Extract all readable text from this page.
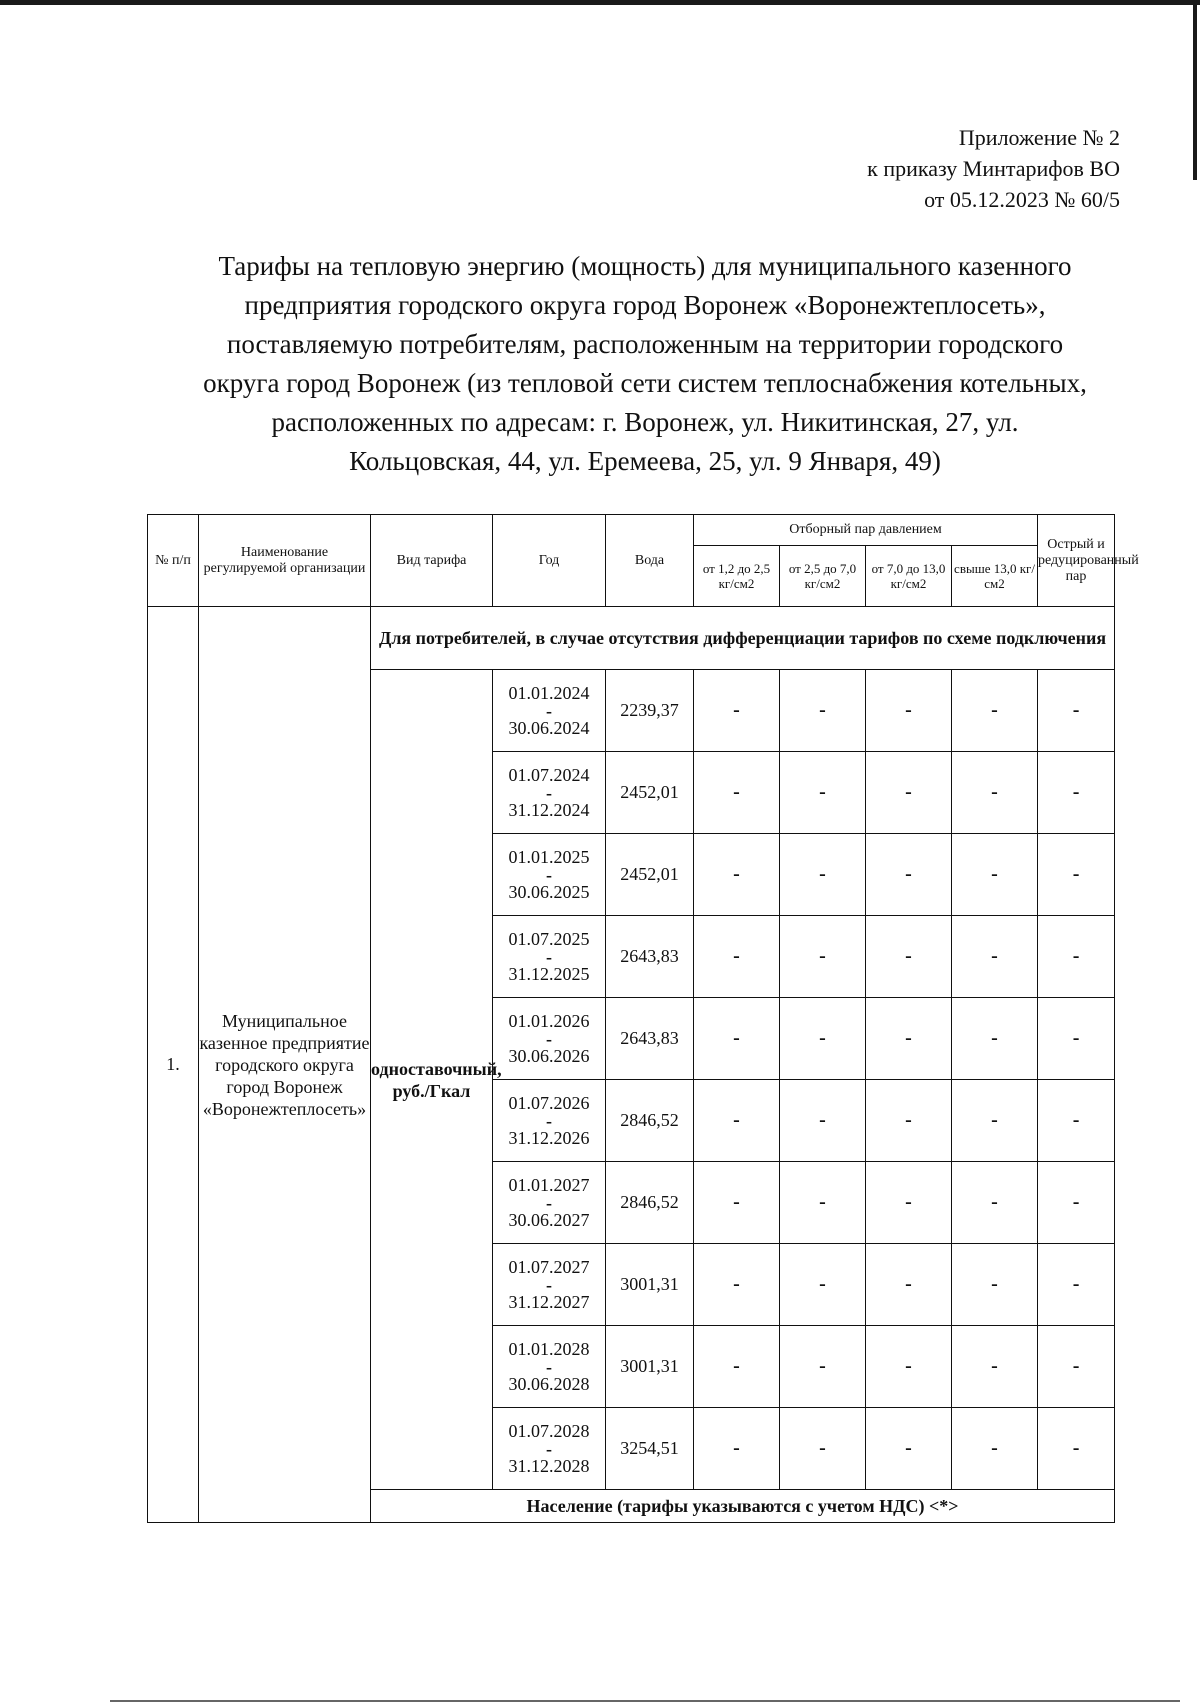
Приложение № 2
к приказу Минтарифов ВО
от 05.12.2023 № 60/5
Тарифы на тепловую энергию (мощность) для муниципального казенного
предприятия городского округа город Воронеж «Воронежтеплосеть»,
поставляемую потребителям, расположенным на территории городского
округа город Воронеж (из тепловой сети систем теплоснабжения котельных,
расположенных по адресам: г. Воронеж, ул. Никитинская, 27, ул.
Кольцовская, 44, ул. Еремеева, 25, ул. 9 Января, 49)
№ п/п	Наименование регулируемой организации	Вид тарифа	Год	Вода	Отборный пар давлением				Острый и редуцированный пар
					от 1,2 до 2,5 кг/см2	от 2,5 до 7,0 кг/см2	от 7,0 до 13,0 кг/см2	свыше 13,0 кг/см2	
1.	Муниципальное казенное предприятие городского округа город Воронеж «Воронежтеплосеть»	Для потребителей, в случае отсутствия дифференциации тарифов по схеме подключения							
		одноставочный, руб./Гкал	01.01.2024
-
30.06.2024	2239,37	-	-	-	-	-

			01.07.2024
-
31.12.2024	2452,01	-	-	-	-	-

			01.01.2025
-
30.06.2025	2452,01	-	-	-	-	-

			01.07.2025
-
31.12.2025	2643,83	-	-	-	-	-

			01.01.2026
-
30.06.2026	2643,83	-	-	-	-	-

			01.07.2026
-
31.12.2026	2846,52	-	-	-	-	-

			01.01.2027
-
30.06.2027	2846,52	-	-	-	-	-

			01.07.2027
-
31.12.2027	3001,31	-	-	-	-	-

			01.01.2028
-
30.06.2028	3001,31	-	-	-	-	-

			01.07.2028
-
31.12.2028	3254,51	-	-	-	-	-
		Население (тарифы указываются с учетом НДС) <*>							
